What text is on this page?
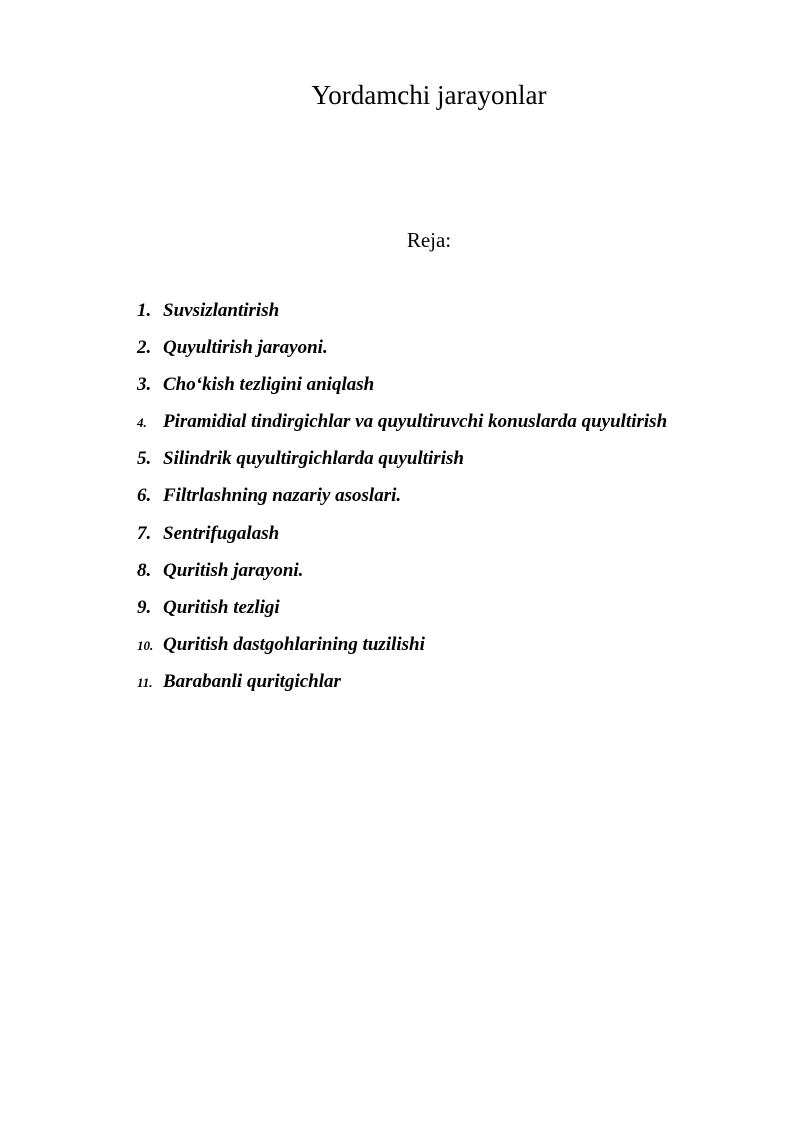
Yordamchi jarayonlar
Reja:
1. Suvsizlantirish
2. Quyultirish jarayoni.
3. Cho‘kish tezligini aniqlash
4. Piramidial tindirgichlar va quyultiruvchi konuslarda quyultirish
5. Silindrik quyultirgichlarda quyultirish
6. Filtrlashning nazariy asoslari.
7. Sentrifugalash
8. Quritish jarayoni.
9. Quritish tezligi
10. Quritish dastgohlarining tuzilishi
11. Barabanli quritgichlar
